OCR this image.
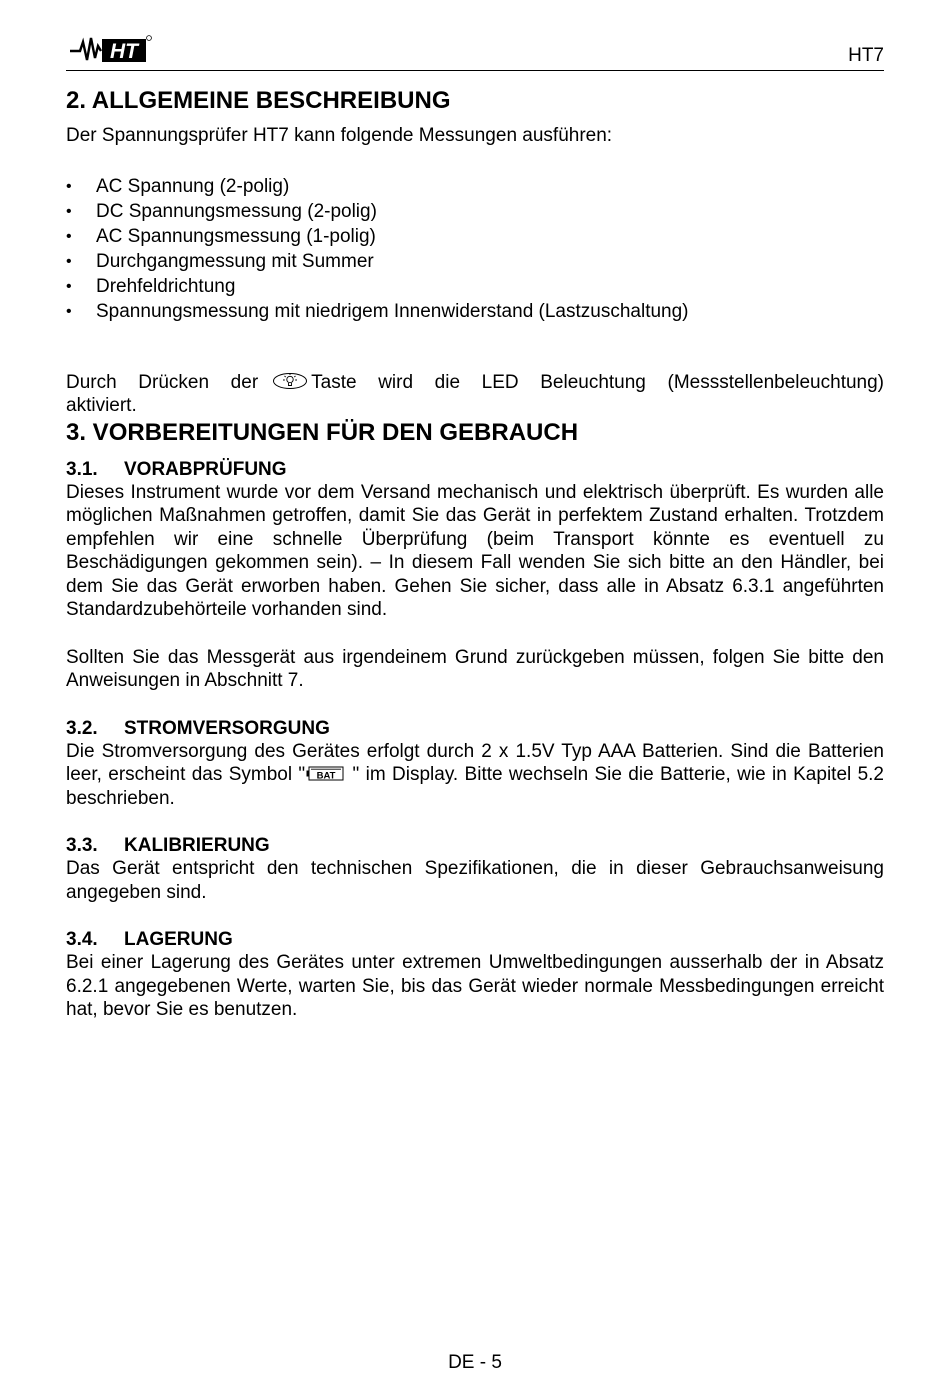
HT	HT7
2. ALLGEMEINE BESCHREIBUNG

Der Spannungsprüfer HT7 kann folgende Messungen ausführen:

• AC Spannung (2-polig)
• DC Spannungsmessung (2-polig)
• AC Spannungsmessung (1-polig)
• Durchgangmessung mit Summer
• Drehfeldrichtung
• Spannungsmessung mit niedrigem Innenwiderstand (Lastzuschaltung)

Durch Drücken der	Taste wird die LED Beleuchtung (Messstellenbeleuchtung)

aktiviert.

3. VORBEREITUNGEN FÜR DEN GEBRAUCH
3.1. VORABPRÜFUNG

Dieses Instrument wurde vor dem Versand mechanisch und elektrisch überprüft. Es wurden alle möglichen Maßnahmen getroffen, damit Sie das Gerät in perfektem Zustand erhalten. Trotzdem empfehlen wir eine schnelle Überprüfung (beim Transport könnte es eventuell zu Beschädigungen gekommen sein). – In diesem Fall wenden Sie sich bitte an den Händler, bei dem Sie das Gerät erworben haben. Gehen Sie sicher, dass alle in Absatz 6.3.1 angeführten Standardzubehörteile vorhanden sind.

Sollten Sie das Messgerät aus irgendeinem Grund zurückgeben müssen, folgen Sie bitte den Anweisungen in Abschnitt 7.

3.2. STROMVERSORGUNG

Die Stromversorgung des Gerätes erfolgt durch 2 x 1.5V Typ AAA Batterien. Sind die Batterien leer, erscheint das Symbol " BAT " im Display. Bitte wechseln Sie die Batterie, wie in Kapitel 5.2 beschrieben.

3.3. KALIBRIERUNG

Das Gerät entspricht den technischen Spezifikationen, die in dieser Gebrauchsanweisung angegeben sind.

3.4. LAGERUNG

Bei einer Lagerung des Gerätes unter extremen Umweltbedingungen ausserhalb der in Absatz 6.2.1 angegebenen Werte, warten Sie, bis das Gerät wieder normale Messbedingungen erreicht hat, bevor Sie es benutzen.

DE - 5
